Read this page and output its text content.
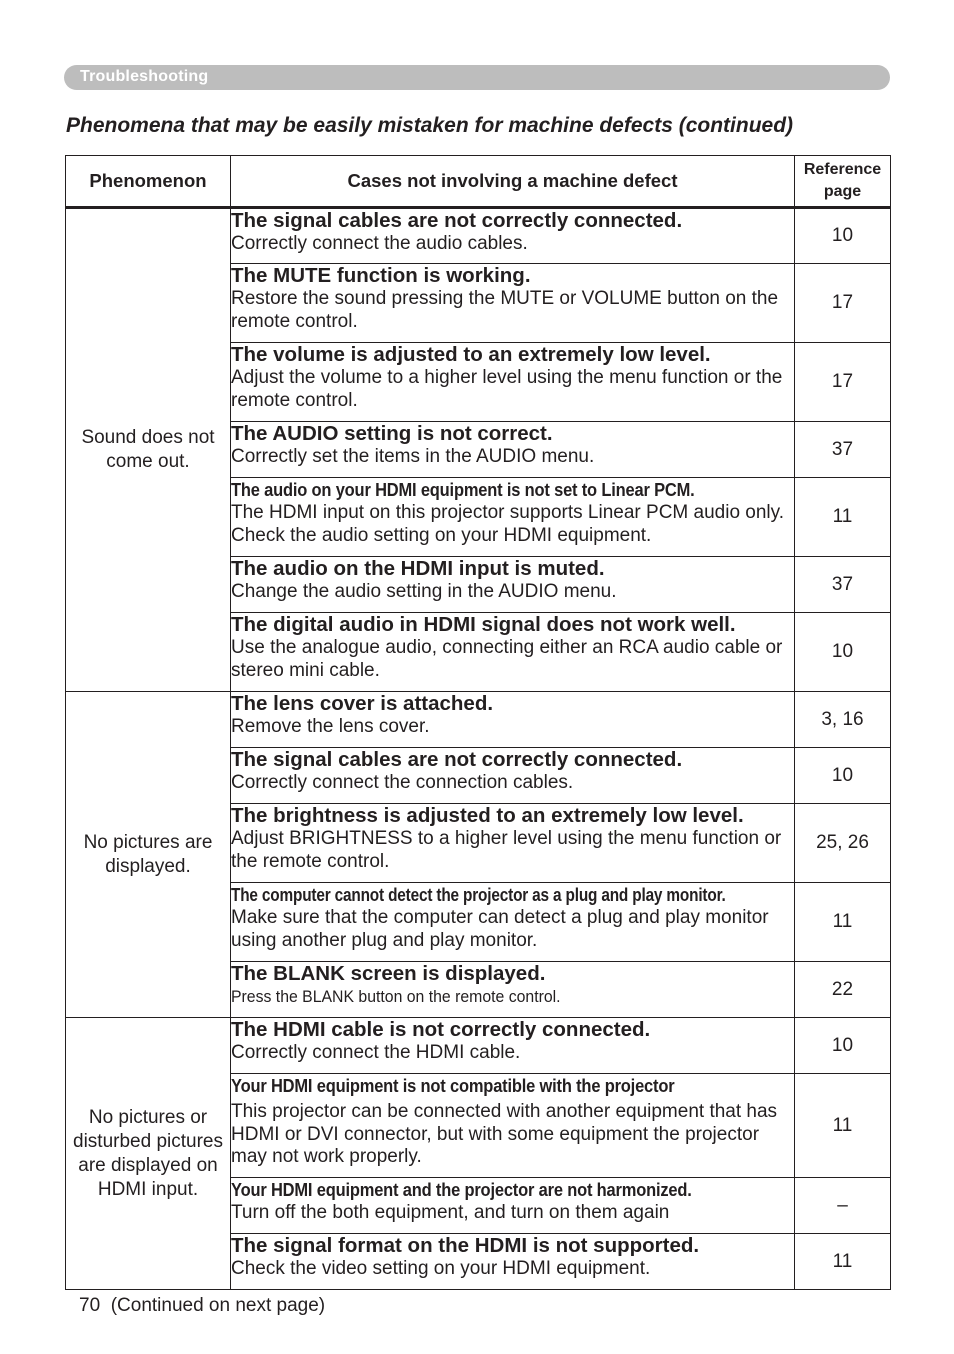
Troubleshooting
Phenomena that may be easily mistaken for machine defects (continued)
Phenomenon	Cases not involving a machine defect	Reference
page
Sound does not come out.	The signal cables are not correctly connected.
Correctly connect the audio cables.	10

	The MUTE function is working.
Restore the sound pressing the MUTE or VOLUME button on the remote control.	17

	The volume is adjusted to an extremely low level.
Adjust the volume to a higher level using the menu function or the remote control.	17

	The AUDIO setting is not correct.
Correctly set the items in the AUDIO menu.	37

	The audio on your HDMI equipment is not set to Linear PCM.
The HDMI input on this projector supports Linear PCM audio only. Check the audio setting on your HDMI equipment.	11

	The audio on the HDMI input is muted.
Change the audio setting in the AUDIO menu.	37

	The digital audio in HDMI signal does not work well.
Use the analogue audio, connecting either an RCA audio cable or stereo mini cable.	10
No pictures are displayed.	The lens cover is attached.
Remove the lens cover.	3, 16

	The signal cables are not correctly connected.
Correctly connect the connection cables.	10

	The brightness is adjusted to an extremely low level.
Adjust BRIGHTNESS to a higher level using the menu function or the remote control.	25, 26

	The computer cannot detect the projector as a plug and play monitor.
Make sure that the computer can detect a plug and play monitor using another plug and play monitor.	11

	The BLANK screen is displayed.
Press the BLANK button on the remote control.	22
No pictures or disturbed pictures are displayed on HDMI input.	The HDMI cable is not correctly connected.
Correctly connect the HDMI cable.	10

	Your HDMI equipment is not compatible with the projector
This projector can be connected with another equipment that has HDMI or DVI connector, but with some equipment the projector may not work properly.	11

	Your HDMI equipment and the projector are not harmonized.
Turn off the both equipment, and turn on them again	–

	The signal format on the HDMI is not supported.
Check the video setting on your HDMI equipment.	11
70 (Continued on next page)
